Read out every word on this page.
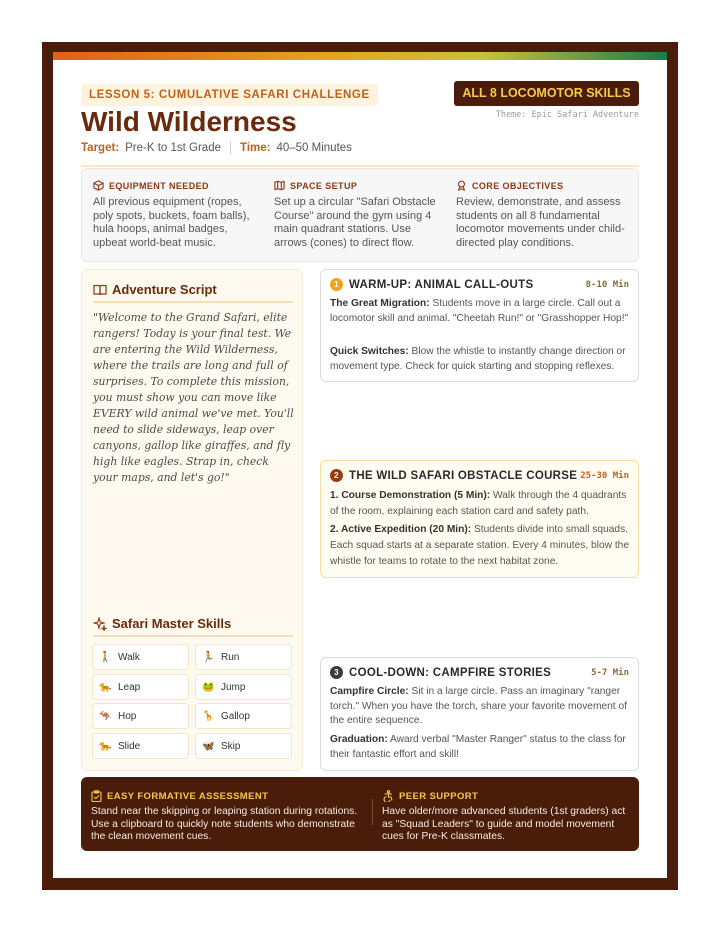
LESSON 5: CUMULATIVE SAFARI CHALLENGE
Wild Wilderness
Target: Pre-K to 1st Grade Time: 40–50 Minutes
ALL 8 LOCOMOTOR SKILLS
Theme: Epic Safari Adventure
EQUIPMENT NEEDED
All previous equipment (ropes, poly spots, buckets, foam balls), hula hoops, animal badges, upbeat world-beat music.
SPACE SETUP
Set up a circular "Safari Obstacle Course" around the gym using 4 main quadrant stations. Use arrows (cones) to direct flow.
CORE OBJECTIVES
Review, demonstrate, and assess students on all 8 fundamental locomotor movements under child-directed play conditions.
Adventure Script
"Welcome to the Grand Safari, elite rangers! Today is your final test. We are entering the Wild Wilderness, where the trails are long and full of surprises. To complete this mission, you must show you can move like EVERY wild animal we've met. You'll need to slide sideways, leap over canyons, gallop like giraffes, and fly high like eagles. Strap in, check your maps, and let's go!"
Safari Master Skills
🚶 Walk	🏃 Run
🐆 Leap	🐸 Jump
🦘 Hop	🦒 Gallop
🐆 Slide	🦋 Skip
1 WARM-UP: ANIMAL CALL-OUTS	8-10 Min
The Great Migration: Students move in a large circle. Call out a locomotor skill and animal. "Cheetah Run!" or "Grasshopper Hop!"
Quick Switches: Blow the whistle to instantly change direction or movement type. Check for quick starting and stopping reflexes.
2 THE WILD SAFARI OBSTACLE COURSE 25-30 Min
1. Course Demonstration (5 Min): Walk through the 4 quadrants of the room, explaining each station card and safety path.
2. Active Expedition (20 Min): Students divide into small squads. Each squad starts at a separate station. Every 4 minutes, blow the whistle for teams to rotate to the next habitat zone.
3 COOL-DOWN: CAMPFIRE STORIES	5-7 Min
Campfire Circle: Sit in a large circle. Pass an imaginary "ranger torch." When you have the torch, share your favorite movement of the entire sequence.
Graduation: Award verbal "Master Ranger" status to the class for their fantastic effort and skill!
EASY FORMATIVE ASSESSMENT
Stand near the skipping or leaping station during rotations. Use a clipboard to quickly note students who demonstrate the clean movement cues.
PEER SUPPORT
Have older/more advanced students (1st graders) act as "Squad Leaders" to guide and model movement cues for Pre-K classmates.
